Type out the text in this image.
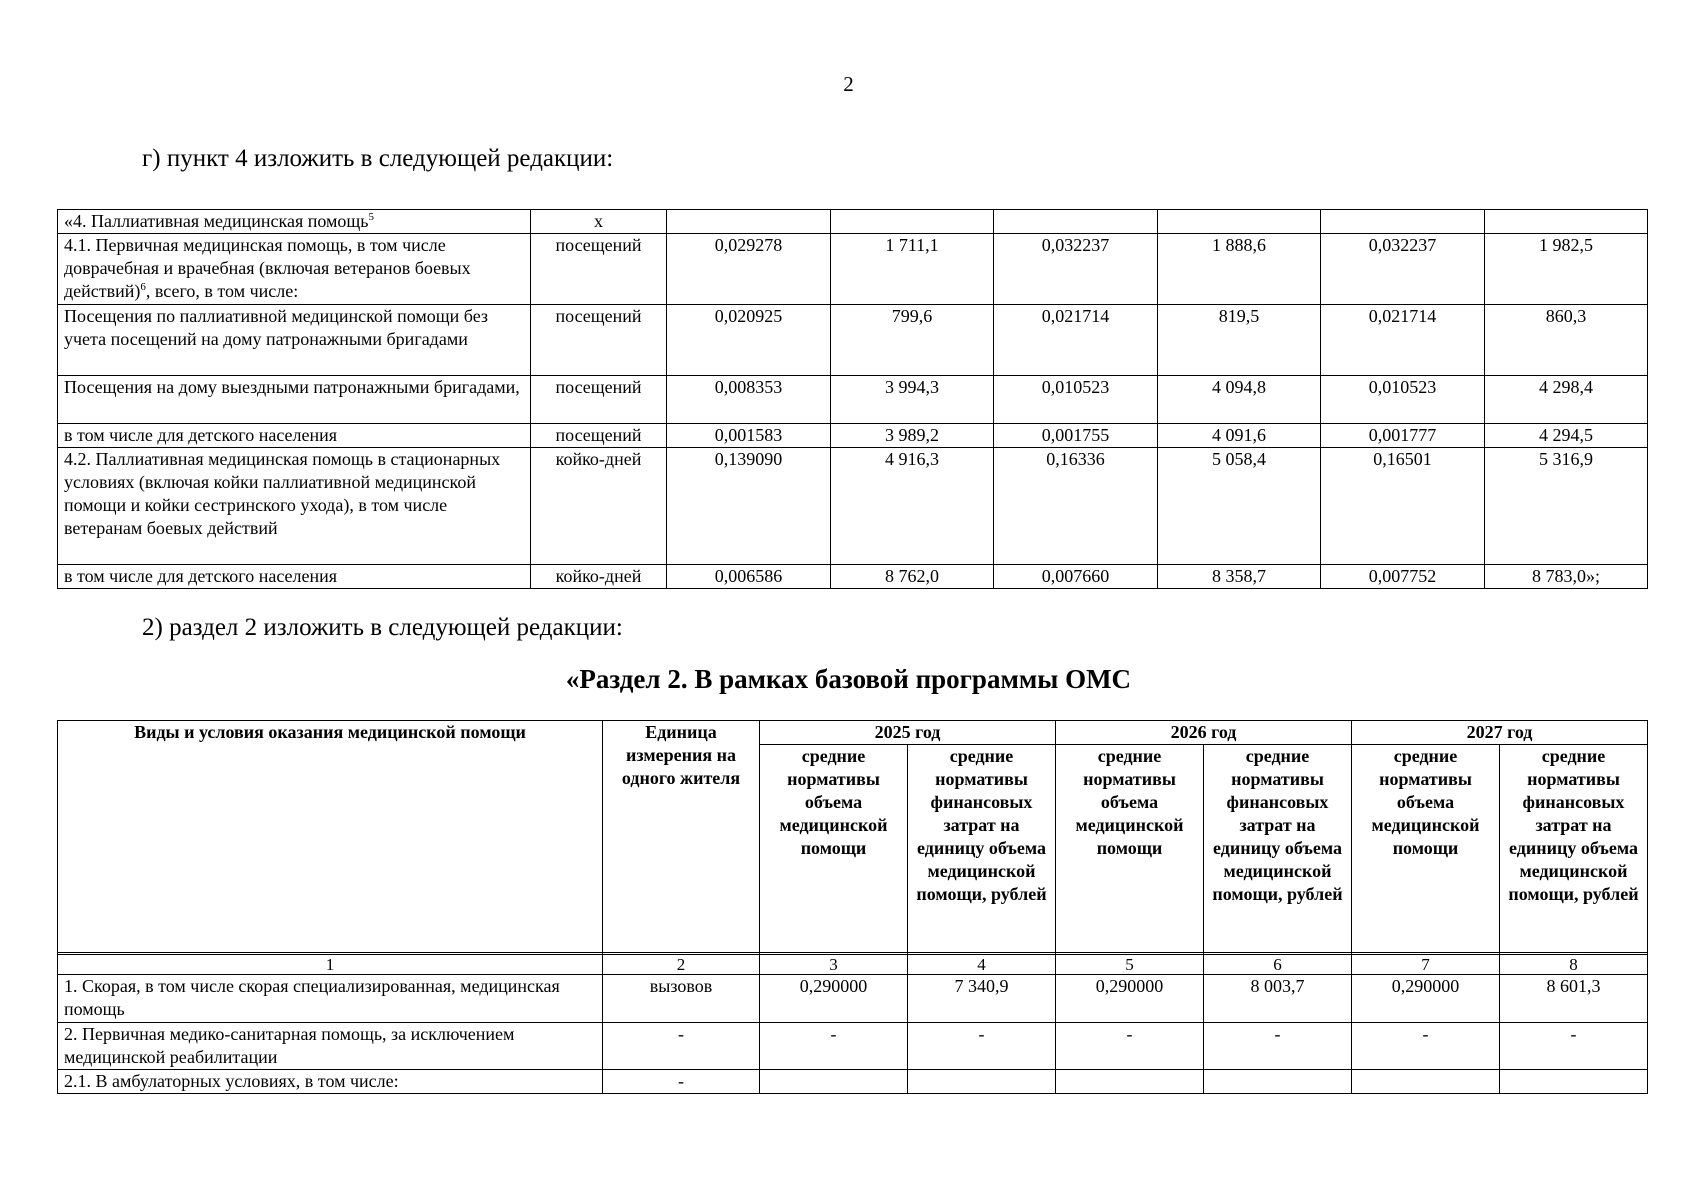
2
г) пункт 4 изложить в следующей редакции:
«4. Паллиативная медицинская помощь$^5$	х						
4.1. Первичная медицинская помощь, в том числе доврачебная и врачебная (включая ветеранов боевых действий)$^6$, всего, в том числе:	посещений	0,029278	1 711,1	0,032237	1 888,6	0,032237	1 982,5
Посещения по паллиативной медицинской помощи без учета посещений на дому патронажными бригадами	посещений	0,020925	799,6	0,021714	819,5	0,021714	860,3
Посещения на дому выездными патронажными бригадами,	посещений	0,008353	3 994,3	0,010523	4 094,8	0,010523	4 298,4
в том числе для детского населения	посещений	0,001583	3 989,2	0,001755	4 091,6	0,001777	4 294,5
4.2. Паллиативная медицинская помощь в стационарных условиях (включая койки паллиативной медицинской помощи и койки сестринского ухода), в том числе ветеранам боевых действий	койко-дней	0,139090	4 916,3	0,16336	5 058,4	0,16501	5 316,9
в том числе для детского населения	койко-дней	0,006586	8 762,0	0,007660	8 358,7	0,007752	8 783,0»;
2) раздел 2 изложить в следующей редакции:
«Раздел 2. В рамках базовой программы ОМС
Виды и условия оказания медицинской помощи	Единица измерения на одного жителя	2025 год		2026 год		2027 год	
		средние нормативы объема медицинской помощи	средние нормативы финансовых затрат на единицу объема медицинской помощи, рублей	средние нормативы объема медицинской помощи	средние нормативы финансовых затрат на единицу объема медицинской помощи, рублей	средние нормативы объема медицинской помощи	средние нормативы финансовых затрат на единицу объема медицинской помощи, рублей

1	2	3	4	5	6	7	8
1. Скорая, в том числе скорая специализированная, медицинская помощь	вызовов	0,290000	7 340,9	0,290000	8 003,7	0,290000	8 601,3
2. Первичная медико-санитарная помощь, за исключением медицинской реабилитации	-	-	-	-	-	-	-
2.1. В амбулаторных условиях, в том числе:	-						
